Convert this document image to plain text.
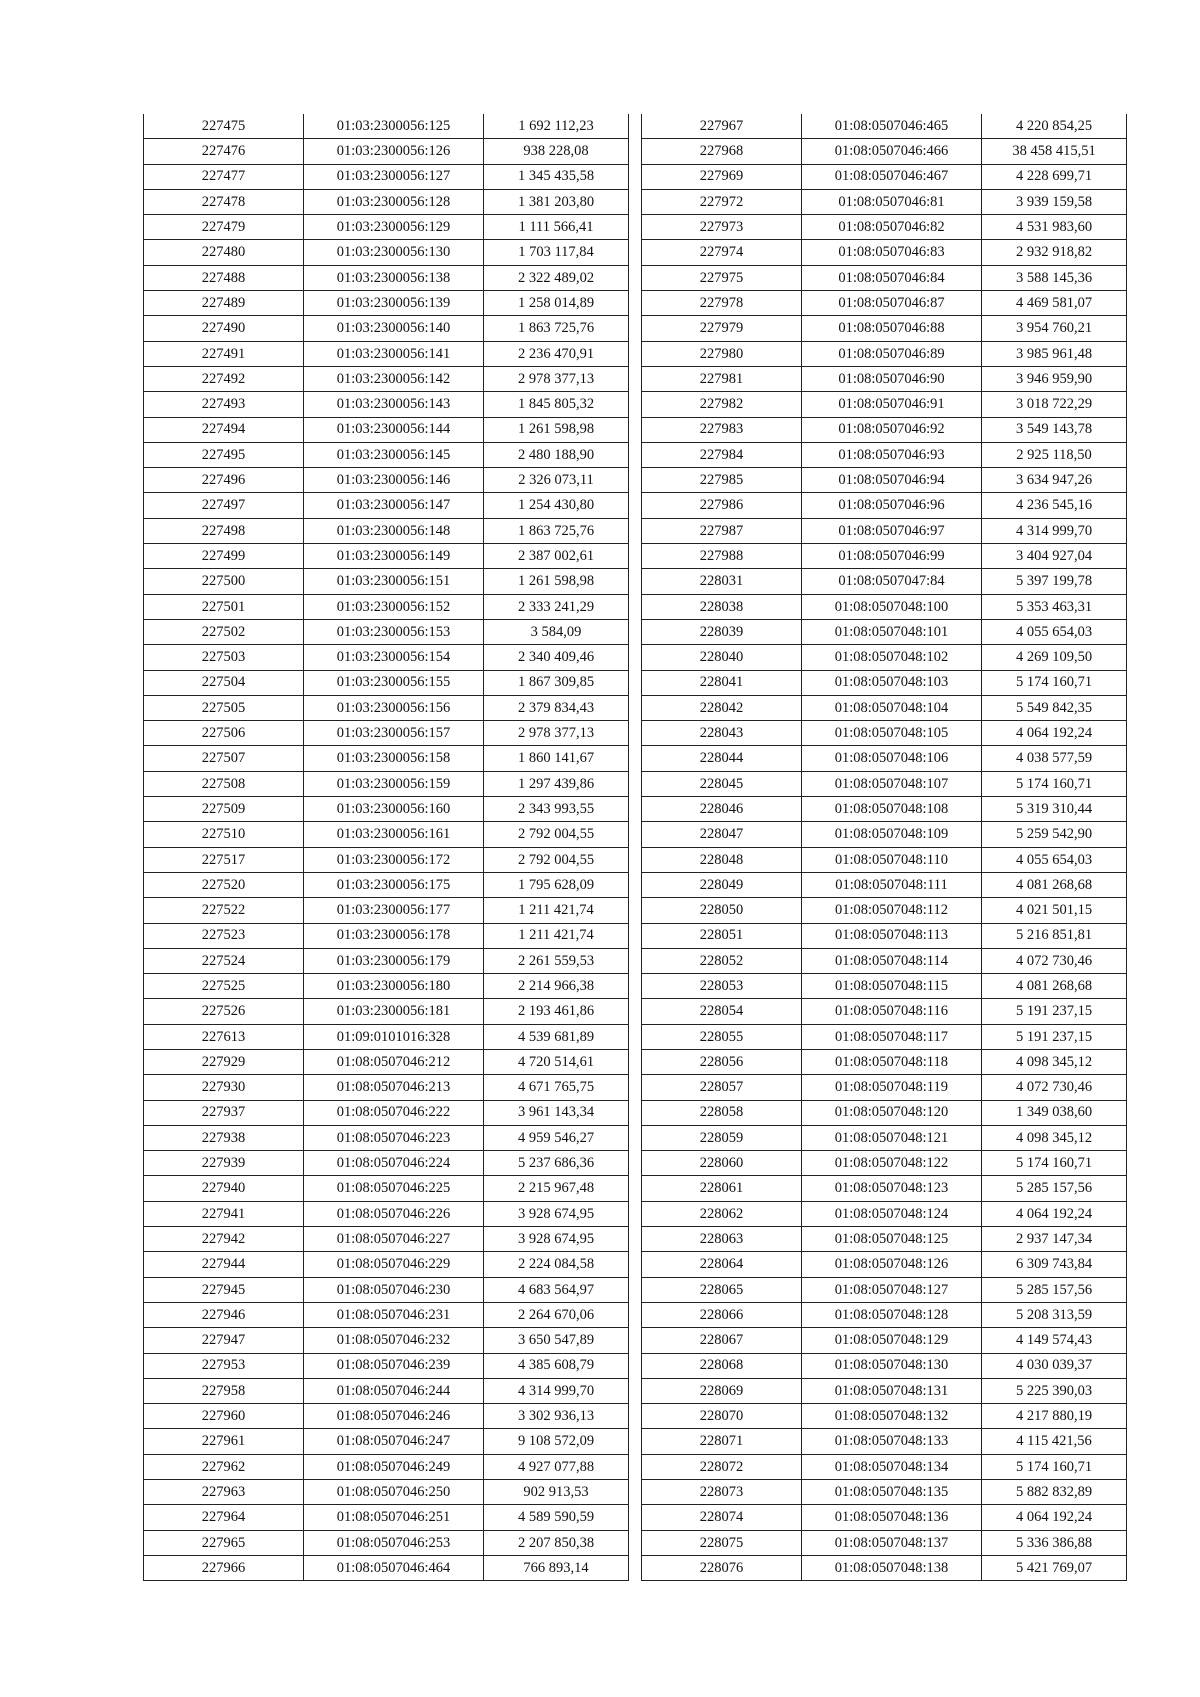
227475	01:03:2300056:125	1 692 112,23
227476	01:03:2300056:126	938 228,08
227477	01:03:2300056:127	1 345 435,58
227478	01:03:2300056:128	1 381 203,80
227479	01:03:2300056:129	1 111 566,41
227480	01:03:2300056:130	1 703 117,84
227488	01:03:2300056:138	2 322 489,02
227489	01:03:2300056:139	1 258 014,89
227490	01:03:2300056:140	1 863 725,76
227491	01:03:2300056:141	2 236 470,91
227492	01:03:2300056:142	2 978 377,13
227493	01:03:2300056:143	1 845 805,32
227494	01:03:2300056:144	1 261 598,98
227495	01:03:2300056:145	2 480 188,90
227496	01:03:2300056:146	2 326 073,11
227497	01:03:2300056:147	1 254 430,80
227498	01:03:2300056:148	1 863 725,76
227499	01:03:2300056:149	2 387 002,61
227500	01:03:2300056:151	1 261 598,98
227501	01:03:2300056:152	2 333 241,29
227502	01:03:2300056:153	3 584,09
227503	01:03:2300056:154	2 340 409,46
227504	01:03:2300056:155	1 867 309,85
227505	01:03:2300056:156	2 379 834,43
227506	01:03:2300056:157	2 978 377,13
227507	01:03:2300056:158	1 860 141,67
227508	01:03:2300056:159	1 297 439,86
227509	01:03:2300056:160	2 343 993,55
227510	01:03:2300056:161	2 792 004,55
227517	01:03:2300056:172	2 792 004,55
227520	01:03:2300056:175	1 795 628,09
227522	01:03:2300056:177	1 211 421,74
227523	01:03:2300056:178	1 211 421,74
227524	01:03:2300056:179	2 261 559,53
227525	01:03:2300056:180	2 214 966,38
227526	01:03:2300056:181	2 193 461,86
227613	01:09:0101016:328	4 539 681,89
227929	01:08:0507046:212	4 720 514,61
227930	01:08:0507046:213	4 671 765,75
227937	01:08:0507046:222	3 961 143,34
227938	01:08:0507046:223	4 959 546,27
227939	01:08:0507046:224	5 237 686,36
227940	01:08:0507046:225	2 215 967,48
227941	01:08:0507046:226	3 928 674,95
227942	01:08:0507046:227	3 928 674,95
227944	01:08:0507046:229	2 224 084,58
227945	01:08:0507046:230	4 683 564,97
227946	01:08:0507046:231	2 264 670,06
227947	01:08:0507046:232	3 650 547,89
227953	01:08:0507046:239	4 385 608,79
227958	01:08:0507046:244	4 314 999,70
227960	01:08:0507046:246	3 302 936,13
227961	01:08:0507046:247	9 108 572,09
227962	01:08:0507046:249	4 927 077,88
227963	01:08:0507046:250	902 913,53
227964	01:08:0507046:251	4 589 590,59
227965	01:08:0507046:253	2 207 850,38
227966	01:08:0507046:464	766 893,14
227967	01:08:0507046:465	4 220 854,25
227968	01:08:0507046:466	38 458 415,51
227969	01:08:0507046:467	4 228 699,71
227972	01:08:0507046:81	3 939 159,58
227973	01:08:0507046:82	4 531 983,60
227974	01:08:0507046:83	2 932 918,82
227975	01:08:0507046:84	3 588 145,36
227978	01:08:0507046:87	4 469 581,07
227979	01:08:0507046:88	3 954 760,21
227980	01:08:0507046:89	3 985 961,48
227981	01:08:0507046:90	3 946 959,90
227982	01:08:0507046:91	3 018 722,29
227983	01:08:0507046:92	3 549 143,78
227984	01:08:0507046:93	2 925 118,50
227985	01:08:0507046:94	3 634 947,26
227986	01:08:0507046:96	4 236 545,16
227987	01:08:0507046:97	4 314 999,70
227988	01:08:0507046:99	3 404 927,04
228031	01:08:0507047:84	5 397 199,78
228038	01:08:0507048:100	5 353 463,31
228039	01:08:0507048:101	4 055 654,03
228040	01:08:0507048:102	4 269 109,50
228041	01:08:0507048:103	5 174 160,71
228042	01:08:0507048:104	5 549 842,35
228043	01:08:0507048:105	4 064 192,24
228044	01:08:0507048:106	4 038 577,59
228045	01:08:0507048:107	5 174 160,71
228046	01:08:0507048:108	5 319 310,44
228047	01:08:0507048:109	5 259 542,90
228048	01:08:0507048:110	4 055 654,03
228049	01:08:0507048:111	4 081 268,68
228050	01:08:0507048:112	4 021 501,15
228051	01:08:0507048:113	5 216 851,81
228052	01:08:0507048:114	4 072 730,46
228053	01:08:0507048:115	4 081 268,68
228054	01:08:0507048:116	5 191 237,15
228055	01:08:0507048:117	5 191 237,15
228056	01:08:0507048:118	4 098 345,12
228057	01:08:0507048:119	4 072 730,46
228058	01:08:0507048:120	1 349 038,60
228059	01:08:0507048:121	4 098 345,12
228060	01:08:0507048:122	5 174 160,71
228061	01:08:0507048:123	5 285 157,56
228062	01:08:0507048:124	4 064 192,24
228063	01:08:0507048:125	2 937 147,34
228064	01:08:0507048:126	6 309 743,84
228065	01:08:0507048:127	5 285 157,56
228066	01:08:0507048:128	5 208 313,59
228067	01:08:0507048:129	4 149 574,43
228068	01:08:0507048:130	4 030 039,37
228069	01:08:0507048:131	5 225 390,03
228070	01:08:0507048:132	4 217 880,19
228071	01:08:0507048:133	4 115 421,56
228072	01:08:0507048:134	5 174 160,71
228073	01:08:0507048:135	5 882 832,89
228074	01:08:0507048:136	4 064 192,24
228075	01:08:0507048:137	5 336 386,88
228076	01:08:0507048:138	5 421 769,07
